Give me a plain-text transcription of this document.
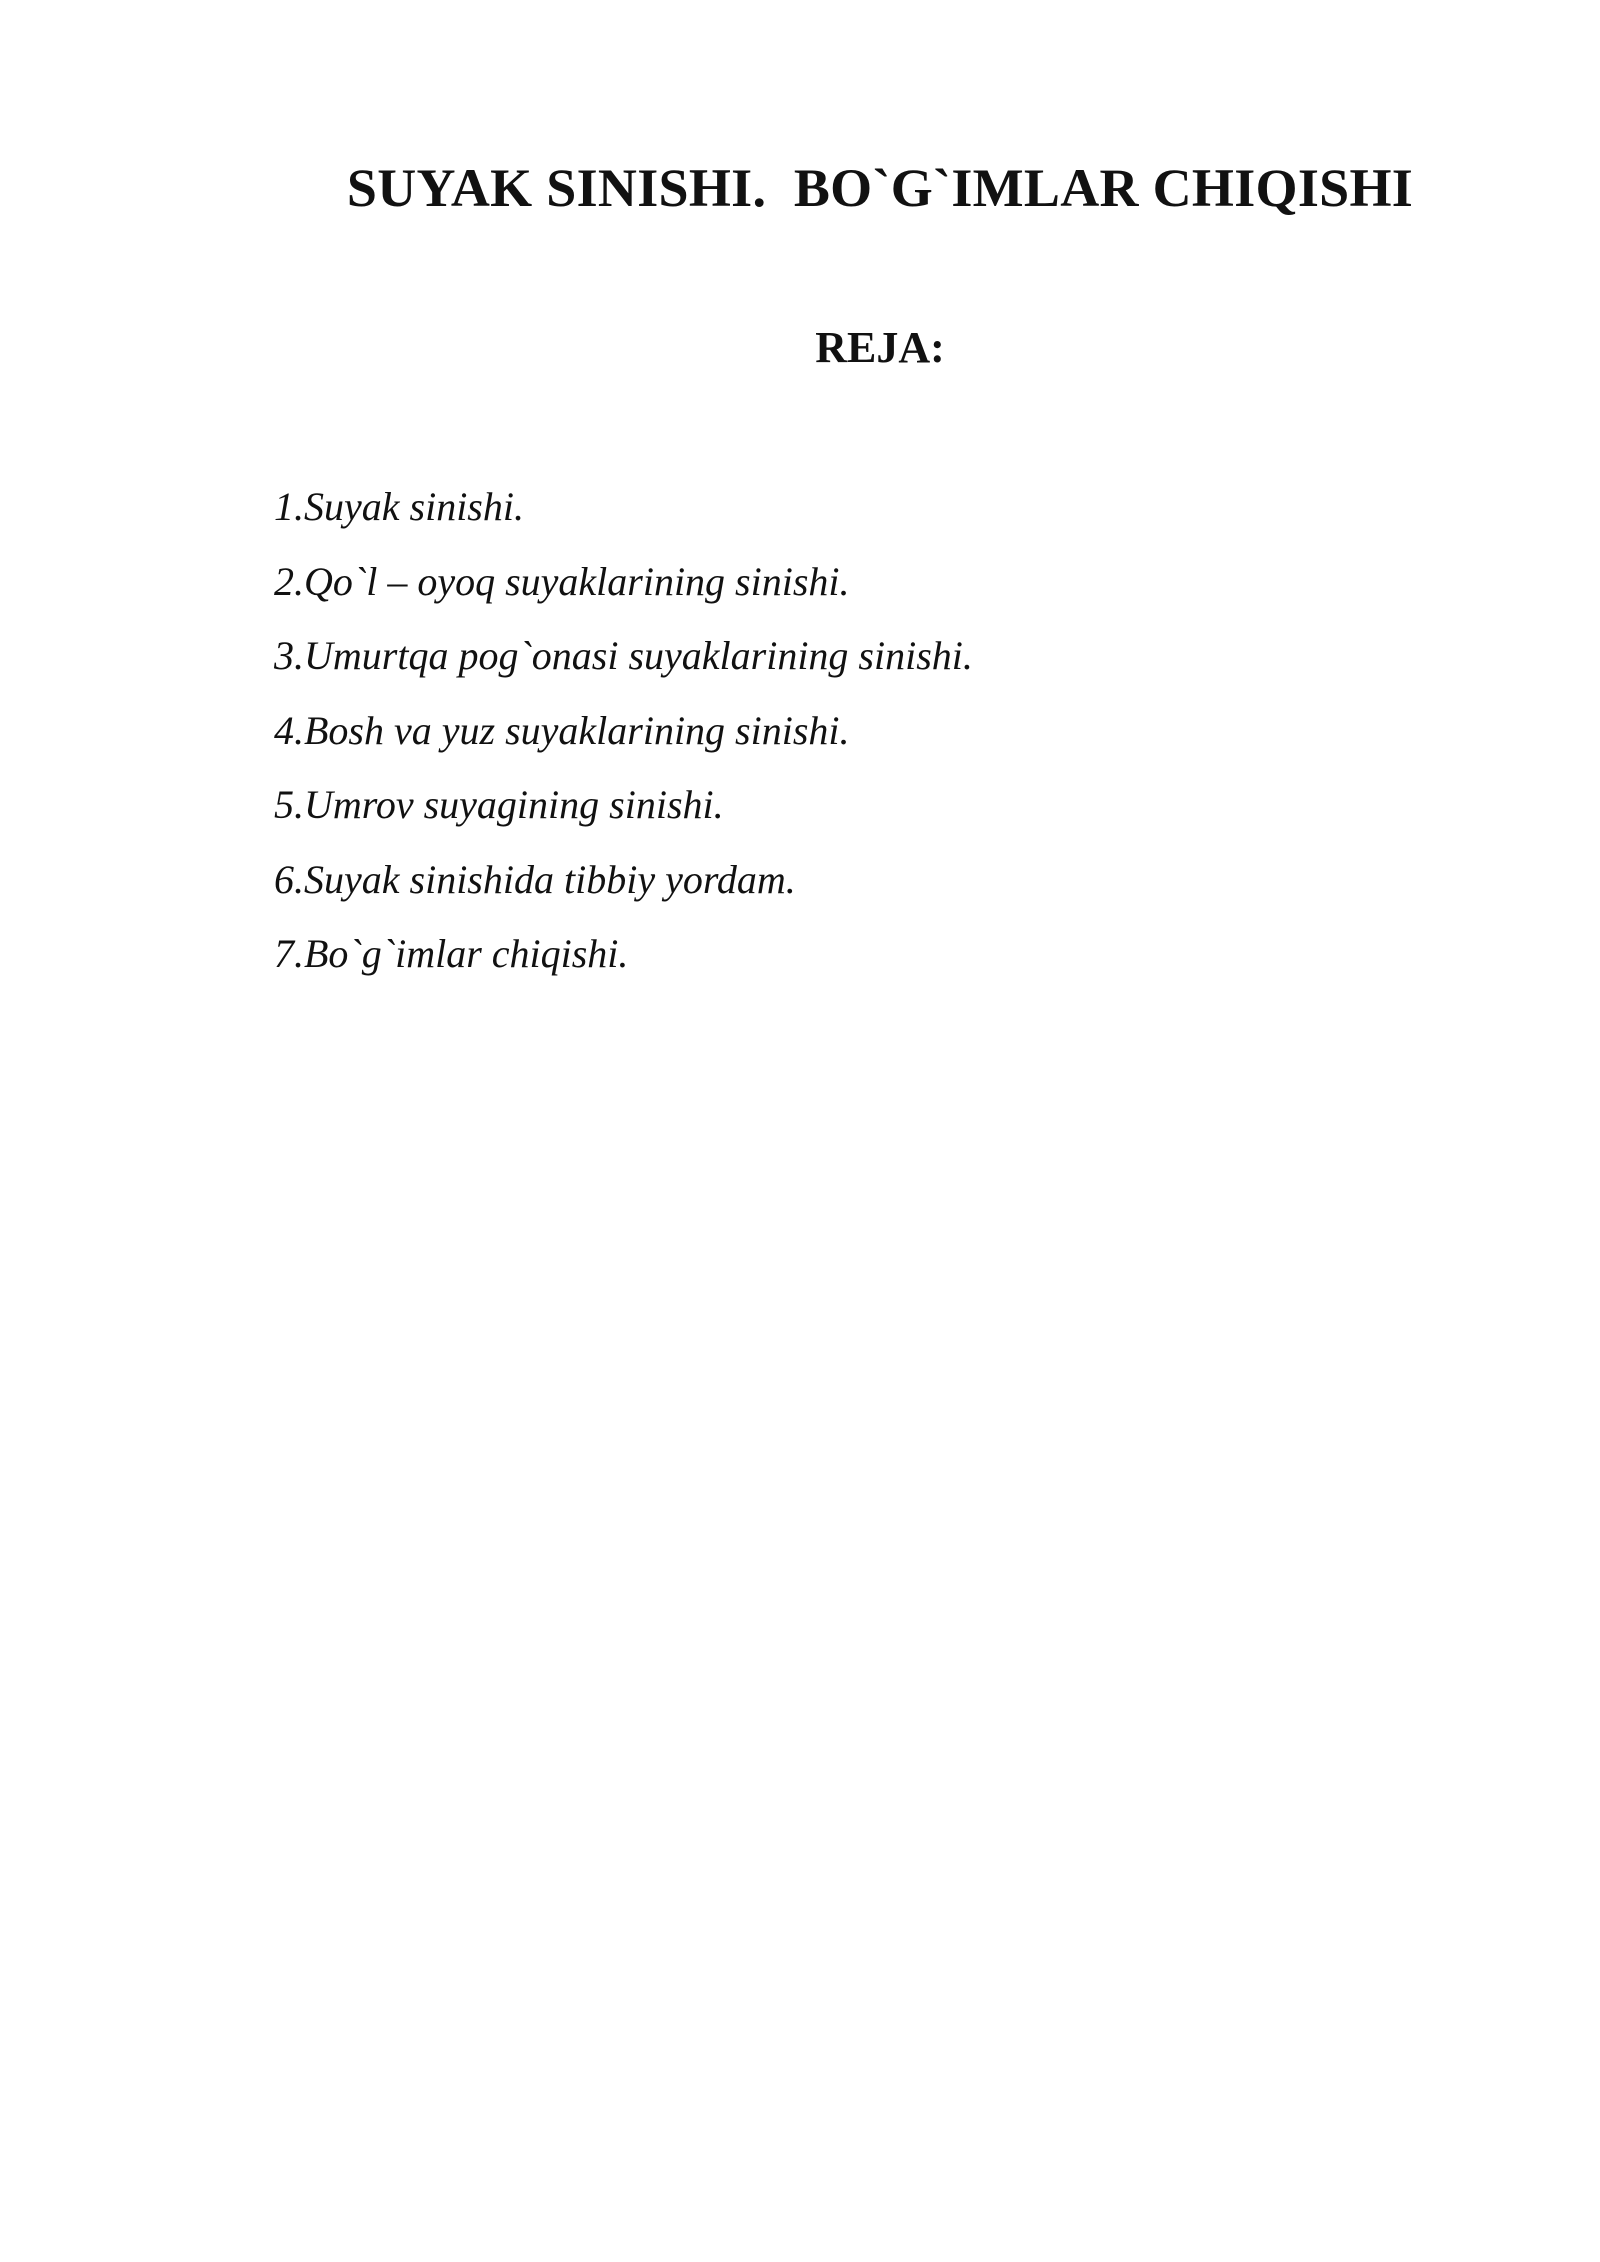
SUYAK SINISHI.  BO`G`IMLAR CHIQISHI
REJA:
1.Suyak sinishi.
2.Qo`l – oyoq suyaklarining sinishi.
3.Umurtqa pog`onasi suyaklarining sinishi.
4.Bosh va yuz suyaklarining sinishi.
5.Umrov suyagining sinishi.
6.Suyak sinishida tibbiy yordam.
7.Bo`g`imlar chiqishi.
